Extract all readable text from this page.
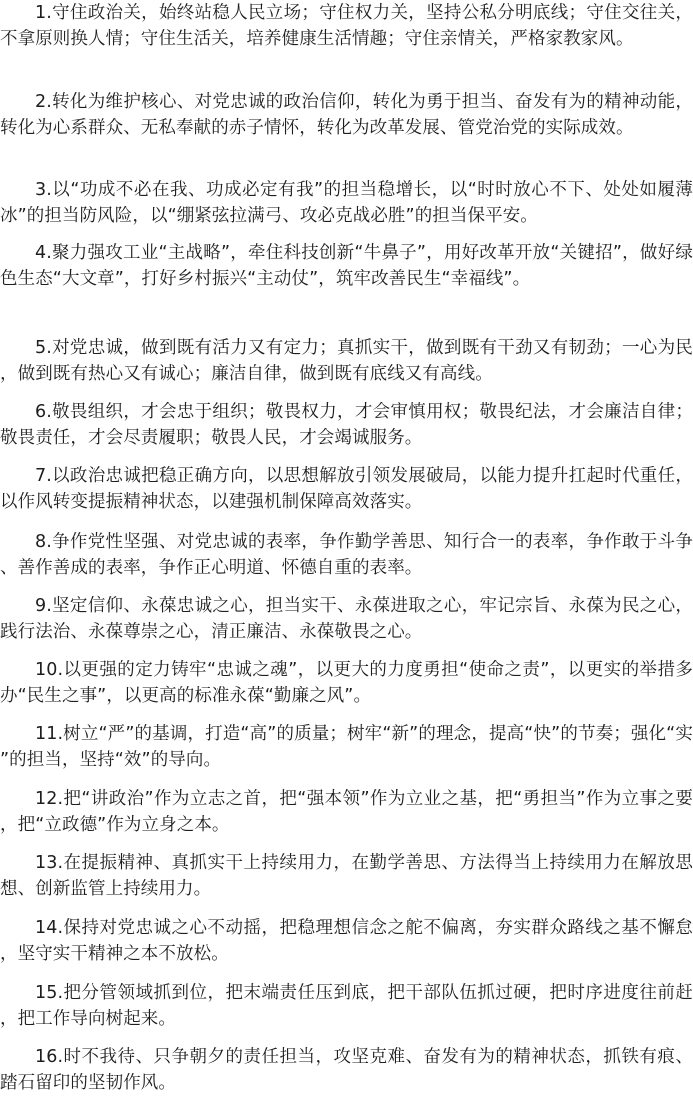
1.守住政治关，始终站稳人民立场；守住权力关，坚持公私分明底线；守住交往关，不拿原则换人情；守住生活关，培养健康生活情趣；守住亲情关，严格家教家风。

2.转化为维护核心、对党忠诚的政治信仰，转化为勇于担当、奋发有为的精神动能，转化为心系群众、无私奉献的赤子情怀，转化为改革发展、管党治党的实际成效。

3.以“功成不必在我、功成必定有我”的担当稳增长，以“时时放心不下、处处如履薄冰”的担当防风险，以“绷紧弦拉满弓、攻必克战必胜”的担当保平安。

4.聚力强攻工业“主战略”，牵住科技创新“牛鼻子”，用好改革开放“关键招”，做好绿色生态“大文章”，打好乡村振兴“主动仗”，筑牢改善民生“幸福线”。

5.对党忠诚，做到既有活力又有定力；真抓实干，做到既有干劲又有韧劲；一心为民，做到既有热心又有诚心；廉洁自律，做到既有底线又有高线。

6.敬畏组织，才会忠于组织；敬畏权力，才会审慎用权；敬畏纪法，才会廉洁自律；敬畏责任，才会尽责履职；敬畏人民，才会竭诚服务。

7.以政治忠诚把稳正确方向，以思想解放引领发展破局，以能力提升扛起时代重任，以作风转变提振精神状态，以建强机制保障高效落实。

8.争作党性坚强、对党忠诚的表率，争作勤学善思、知行合一的表率，争作敢于斗争、善作善成的表率，争作正心明道、怀德自重的表率。

9.坚定信仰、永葆忠诚之心，担当实干、永葆进取之心，牢记宗旨、永葆为民之心，践行法治、永葆尊崇之心，清正廉洁、永葆敬畏之心。

10.以更强的定力铸牢“忠诚之魂”，以更大的力度勇担“使命之责”，以更实的举措多办“民生之事”，以更高的标准永葆“勤廉之风”。

11.树立“严”的基调，打造“高”的质量；树牢“新”的理念，提高“快”的节奏；强化“实”的担当，坚持“效”的导向。

12.把“讲政治”作为立志之首，把“强本领”作为立业之基，把“勇担当”作为立事之要，把“立政德”作为立身之本。

13.在提振精神、真抓实干上持续用力，在勤学善思、方法得当上持续用力在解放思想、创新监管上持续用力。

14.保持对党忠诚之心不动摇，把稳理想信念之舵不偏离，夯实群众路线之基不懈怠，坚守实干精神之本不放松。

15.把分管领域抓到位，把末端责任压到底，把干部队伍抓过硬，把时序进度往前赶，把工作导向树起来。

16.时不我待、只争朝夕的责任担当，攻坚克难、奋发有为的精神状态，抓铁有痕、踏石留印的坚韧作风。
